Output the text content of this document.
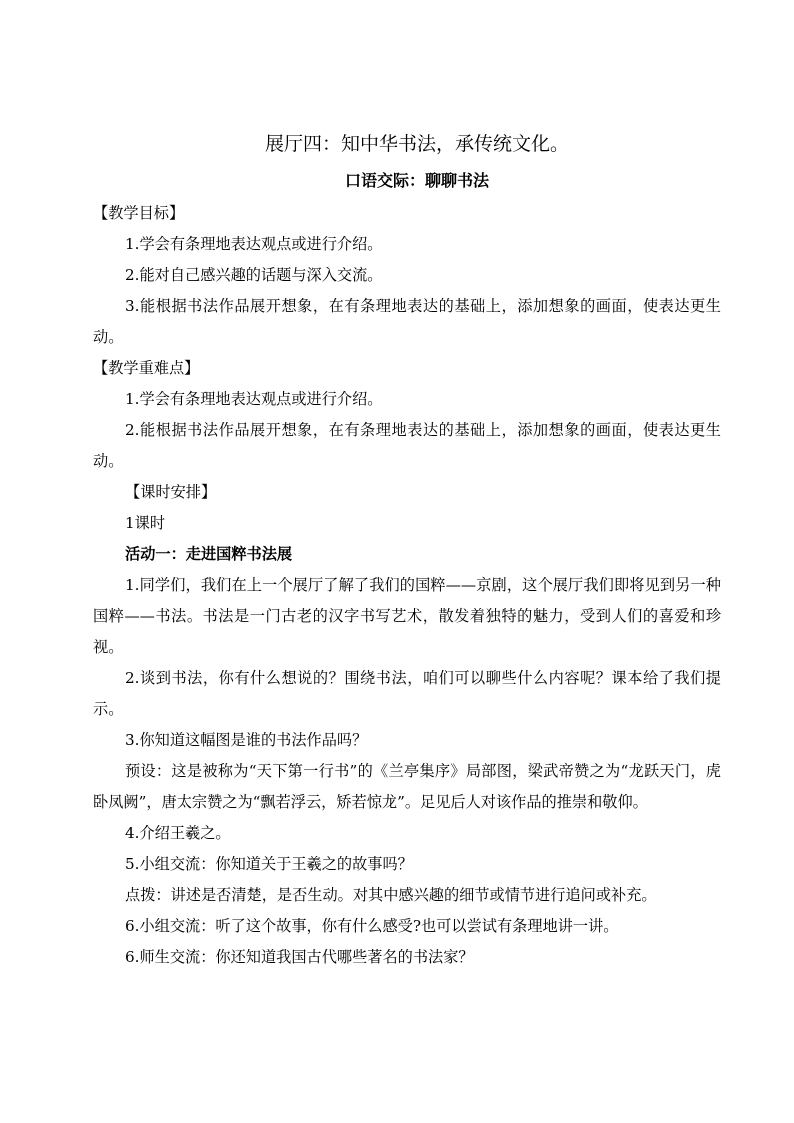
展厅四：知中华书法，承传统文化。
口语交际：聊聊书法

【教学目标】

1.学会有条理地表达观点或进行介绍。

2.能对自己感兴趣的话题与深入交流。

3.能根据书法作品展开想象，在有条理地表达的基础上，添加想象的画面，使表达更生动。

【教学重难点】

1.学会有条理地表达观点或进行介绍。

2.能根据书法作品展开想象，在有条理地表达的基础上，添加想象的画面，使表达更生动。

【课时安排】

1课时

活动一：走进国粹书法展

1.同学们，我们在上一个展厅了解了我们的国粹——京剧，这个展厅我们即将见到另一种国粹——书法。书法是一门古老的汉字书写艺术，散发着独特的魅力，受到人们的喜爱和珍视。

2.谈到书法，你有什么想说的？围绕书法，咱们可以聊些什么内容呢？课本给了我们提示。

3.你知道这幅图是谁的书法作品吗？

预设：这是被称为“天下第一行书”的《兰亭集序》局部图，梁武帝赞之为“龙跃天门，虎卧凤阙”，唐太宗赞之为“飘若浮云，矫若惊龙”。足见后人对该作品的推崇和敬仰。

4.介绍王羲之。

5.小组交流：你知道关于王羲之的故事吗？

点拨：讲述是否清楚，是否生动。对其中感兴趣的细节或情节进行追问或补充。

6.小组交流：听了这个故事，你有什么感受?也可以尝试有条理地讲一讲。

6.师生交流：你还知道我国古代哪些著名的书法家？
